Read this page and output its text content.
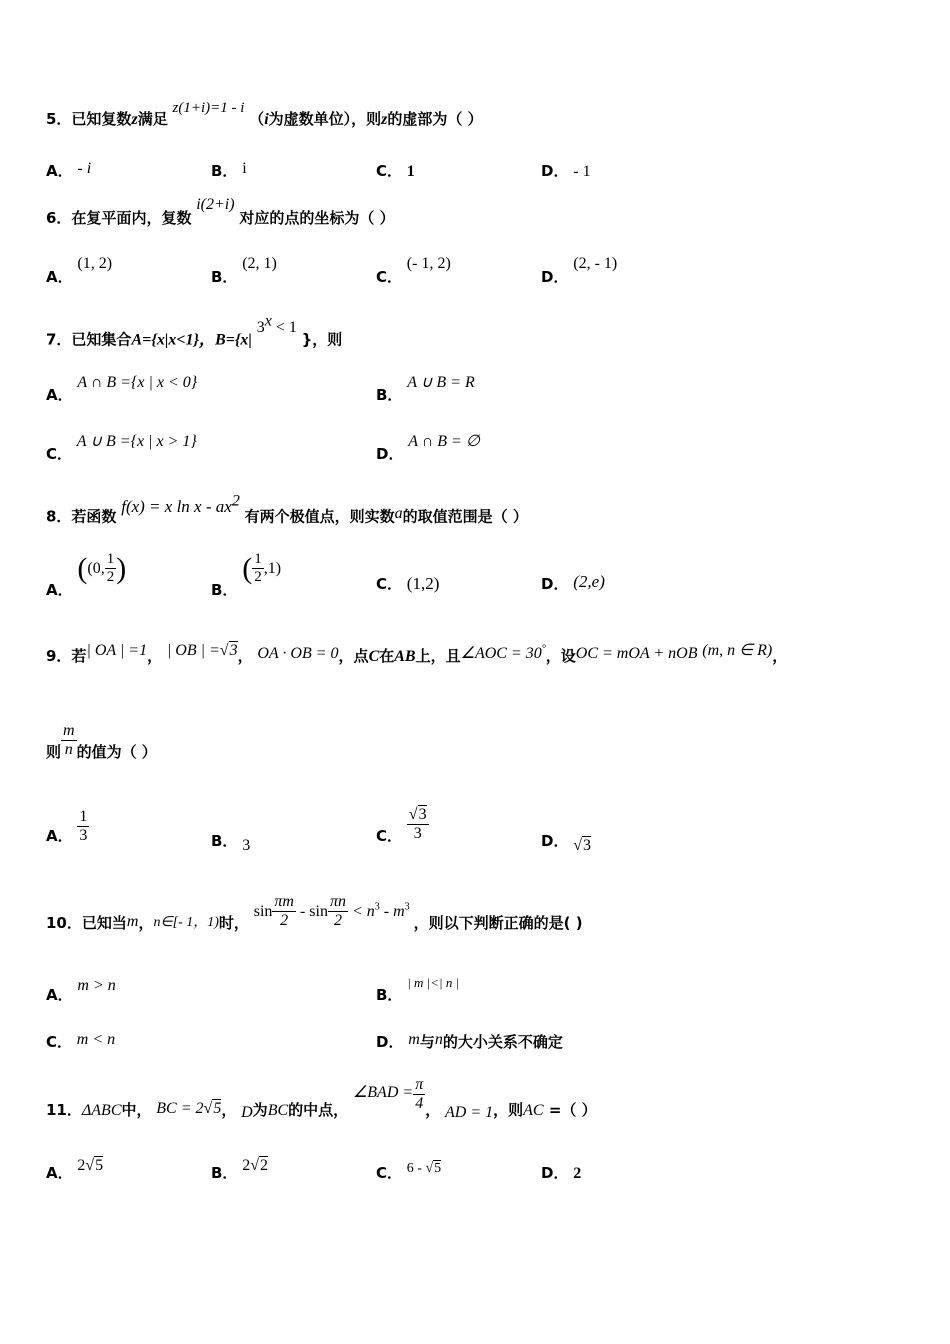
5．已知复数z满足 z(1+i)=1 - i （i为虚数单位），则z的虚部为（ ）
A． - i	B． i	C． 1	D． - 1
6．在复平面内，复数 i(2+i) 对应的点的坐标为（ ）
A． (1, 2)
B． (2, 1)
C． (- 1, 2)
D． (2, - 1)
7．已知集合A={x|x<1}，B={x| $3^x < 1$ }，则
A． A ∩ B ={x | x < 0}
B． A ∪ B = R
C． A ∪ B ={x | x > 1}
D． A ∩ B = ∅
8．若函数 f(x) = x ln x - $ax^2$ 有两个极值点，则实数a的取值范围是（ ）
A． ((0, $\frac{1}{2}$ )
B． ( $\frac{1}{2} ,1$)
C． (1,2)	D． (2,e)
9．若| OA | =1， | OB | =√3， OA · OB = 0，点C在AB上，且∠AOC = 30°，设OC = mOA + nOB (m, n ∈ R)，
则 $\frac{m}{n}$ 的值为（ ）
A． $\frac{1}{3}$	B． 3
C． $\frac{√3}{3}$	D． √3
10．已知当m，n∈[- 1，1)时， $\sin \frac{\pi m}{2} - \sin \frac{\pi n}{2} < n^3 - m^3$ ，则以下判断正确的是( )
A． m > n
B． | m |<| n |
C． m < n	D． m与n的大小关系不确定
11．ΔABC中， BC = 2√5， D为BC的中点， ∠BAD = $\frac{\pi}{4}$ ， AD = 1，则AC =（ ）
A． 2√5	B． 2√2	C． 6 - √5	D． 2
